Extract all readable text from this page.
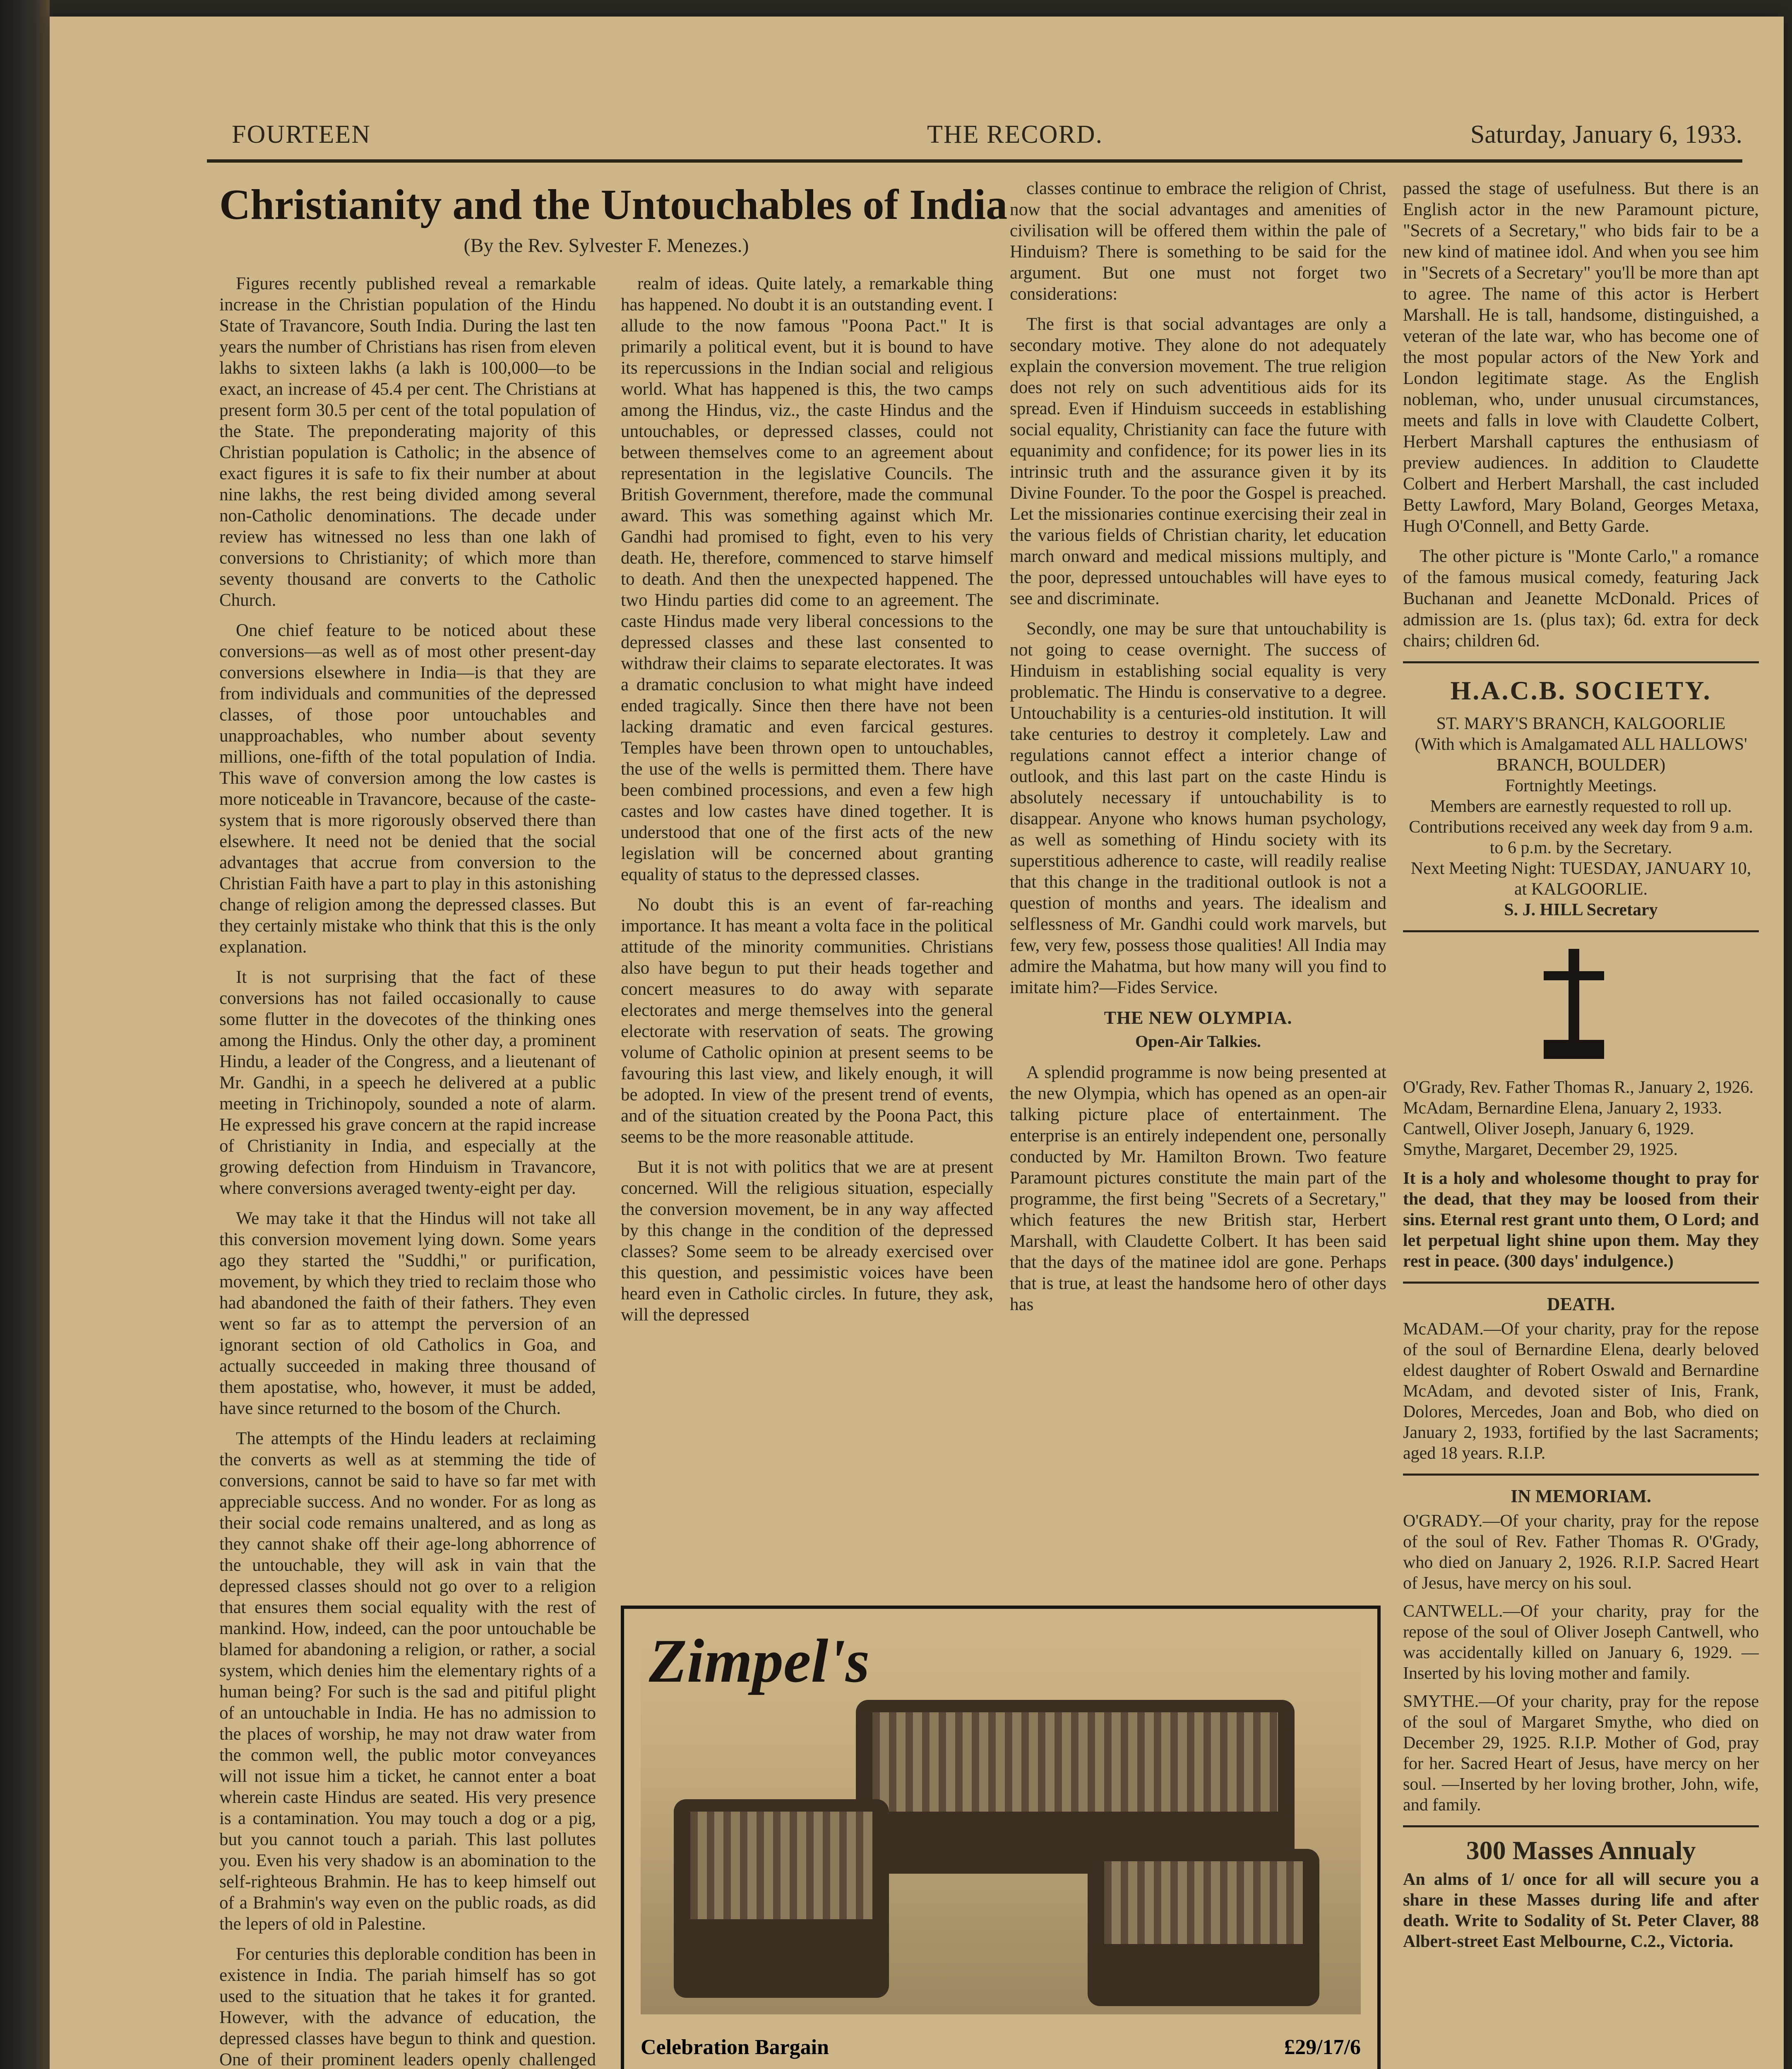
FOURTEEN	THE RECORD.	Saturday, January 6, 1933.
Christianity and the Untouchables of India
(By the Rev. Sylvester F. Menezes.)

Figures recently published reveal a remarkable increase in the Christian population of the Hindu State of Travancore, South India. During the last ten years the number of Christians has risen from eleven lakhs to sixteen lakhs (a lakh is 100,000—to be exact, an increase of 45.4 per cent. The Christians at present form 30.5 per cent of the total population of the State. The preponderating majority of this Christian population is Catholic; in the absence of exact figures it is safe to fix their number at about nine lakhs, the rest being divided among several non-Catholic denominations. The decade under review has witnessed no less than one lakh of conversions to Christianity; of which more than seventy thousand are converts to the Catholic Church.

One chief feature to be noticed about these conversions—as well as of most other present-day conversions elsewhere in India—is that they are from individuals and communities of the depressed classes, of those poor untouchables and unapproachables, who number about seventy millions, one-fifth of the total population of India. This wave of conversion among the low castes is more noticeable in Travancore, because of the caste-system that is more rigorously observed there than elsewhere. It need not be denied that the social advantages that accrue from conversion to the Christian Faith have a part to play in this astonishing change of religion among the depressed classes. But they certainly mistake who think that this is the only explanation.

It is not surprising that the fact of these conversions has not failed occasionally to cause some flutter in the dovecotes of the thinking ones among the Hindus. Only the other day, a prominent Hindu, a leader of the Congress, and a lieutenant of Mr. Gandhi, in a speech he delivered at a public meeting in Trichinopoly, sounded a note of alarm. He expressed his grave concern at the rapid increase of Christianity in India, and especially at the growing defection from Hinduism in Travancore, where conversions averaged twenty-eight per day.

We may take it that the Hindus will not take all this conversion movement lying down. Some years ago they started the "Suddhi," or purification, movement, by which they tried to reclaim those who had abandoned the faith of their fathers. They even went so far as to attempt the perversion of an ignorant section of old Catholics in Goa, and actually succeeded in making three thousand of them apostatise, who, however, it must be added, have since returned to the bosom of the Church.

The attempts of the Hindu leaders at reclaiming the converts as well as at stemming the tide of conversions, cannot be said to have so far met with appreciable success. And no wonder. For as long as their social code remains unaltered, and as long as they cannot shake off their age-long abhorrence of the untouchable, they will ask in vain that the depressed classes should not go over to a religion that ensures them social equality with the rest of mankind. How, indeed, can the poor untouchable be blamed for abandoning a religion, or rather, a social system, which denies him the elementary rights of a human being? For such is the sad and pitiful plight of an untouchable in India. He has no admission to the places of worship, he may not draw water from the common well, the public motor conveyances will not issue him a ticket, he cannot enter a boat wherein caste Hindus are seated. His very presence is a contamination. You may touch a dog or a pig, but you cannot touch a pariah. This last pollutes you. Even his very shadow is an abomination to the self-righteous Brahmin. He has to keep himself out of a Brahmin's way even on the public roads, as did the lepers of old in Palestine.

For centuries this deplorable condition has been in existence in India. The pariah himself has so got used to the situation that he takes it for granted. However, with the advance of education, the depressed classes have begun to think and question. One of their prominent leaders openly challenged

realm of ideas. Quite lately, a remarkable thing has happened. No doubt it is an outstanding event. I allude to the now famous "Poona Pact." It is primarily a political event, but it is bound to have its repercussions in the Indian social and religious world. What has happened is this, the two camps among the Hindus, viz., the caste Hindus and the untouchables, or depressed classes, could not between themselves come to an agreement about representation in the legislative Councils. The British Government, therefore, made the communal award. This was something against which Mr. Gandhi had promised to fight, even to his very death. He, therefore, commenced to starve himself to death. And then the unexpected happened. The two Hindu parties did come to an agreement. The caste Hindus made very liberal concessions to the depressed classes and these last consented to withdraw their claims to separate electorates. It was a dramatic conclusion to what might have indeed ended tragically. Since then there have not been lacking dramatic and even farcical gestures. Temples have been thrown open to untouchables, the use of the wells is permitted them. There have been combined processions, and even a few high castes and low castes have dined together. It is understood that one of the first acts of the new legislation will be concerned about granting equality of status to the depressed classes.

No doubt this is an event of far-reaching importance. It has meant a volta face in the political attitude of the minority communities. Christians also have begun to put their heads together and concert measures to do away with separate electorates and merge themselves into the general electorate with reservation of seats. The growing volume of Catholic opinion at present seems to be favouring this last view, and likely enough, it will be adopted. In view of the present trend of events, and of the situation created by the Poona Pact, this seems to be the more reasonable attitude.

But it is not with politics that we are at present concerned. Will the religious situation, especially the conversion movement, be in any way affected by this change in the condition of the depressed classes? Some seem to be already exercised over this question, and pessimistic voices have been heard even in Catholic circles. In future, they ask, will the depressed

classes continue to embrace the religion of Christ, now that the social advantages and amenities of civilisation will be offered them within the pale of Hinduism? There is something to be said for the argument. But one must not forget two considerations:

The first is that social advantages are only a secondary motive. They alone do not adequately explain the conversion movement. The true religion does not rely on such adventitious aids for its spread. Even if Hinduism succeeds in establishing social equality, Christianity can face the future with equanimity and confidence; for its power lies in its intrinsic truth and the assurance given it by its Divine Founder. To the poor the Gospel is preached. Let the missionaries continue exercising their zeal in the various fields of Christian charity, let education march onward and medical missions multiply, and the poor, depressed untouchables will have eyes to see and discriminate.

Secondly, one may be sure that untouchability is not going to cease overnight. The success of Hinduism in establishing social equality is very problematic. The Hindu is conservative to a degree. Untouchability is a centuries-old institution. It will take centuries to destroy it completely. Law and regulations cannot effect a interior change of outlook, and this last part on the caste Hindu is absolutely necessary if untouchability is to disappear. Anyone who knows human psychology, as well as something of Hindu society with its superstitious adherence to caste, will readily realise that this change in the traditional outlook is not a question of months and years. The idealism and selflessness of Mr. Gandhi could work marvels, but few, very few, possess those qualities! All India may admire the Mahatma, but how many will you find to imitate him?—Fides Service.

THE NEW OLYMPIA.
Open-Air Talkies.

A splendid programme is now being presented at the new Olympia, which has opened as an open-air talking picture place of entertainment. The enterprise is an entirely independent one, personally conducted by Mr. Hamilton Brown. Two feature Paramount pictures constitute the main part of the programme, the first being "Secrets of a Secretary," which features the new British star, Herbert Marshall, with Claudette Colbert. It has been said that the days of the matinee idol are gone. Perhaps that is true, at least the handsome hero of other days has

passed the stage of usefulness. But there is an English actor in the new Paramount picture, "Secrets of a Secretary," who bids fair to be a new kind of matinee idol. And when you see him in "Secrets of a Secretary" you'll be more than apt to agree. The name of this actor is Herbert Marshall. He is tall, handsome, distinguished, a veteran of the late war, who has become one of the most popular actors of the New York and London legitimate stage. As the English nobleman, who, under unusual circumstances, meets and falls in love with Claudette Colbert, Herbert Marshall captures the enthusiasm of preview audiences. In addition to Claudette Colbert and Herbert Marshall, the cast included Betty Lawford, Mary Boland, Georges Metaxa, Hugh O'Connell, and Betty Garde.

The other picture is "Monte Carlo," a romance of the famous musical comedy, featuring Jack Buchanan and Jeanette McDonald. Prices of admission are 1s. (plus tax); 6d. extra for deck chairs; children 6d.

H.A.C.B. SOCIETY.
ST. MARY'S BRANCH, KALGOORLIE
(With which is Amalgamated ALL HALLOWS' BRANCH, BOULDER)
Fortnightly Meetings.
Members are earnestly requested to roll up.
Contributions received any week day from 9 a.m. to 6 p.m. by the Secretary.
Next Meeting Night: TUESDAY, JANUARY 10, at KALGOORLIE.
S. J. HILL Secretary
O'Grady, Rev. Father Thomas R., January 2, 1926.
McAdam, Bernardine Elena, January 2, 1933.
Cantwell, Oliver Joseph, January 6, 1929.
Smythe, Margaret, December 29, 1925.
It is a holy and wholesome thought to pray for the dead, that they may be loosed from their sins. Eternal rest grant unto them, O Lord; and let perpetual light shine upon them. May they rest in peace. (300 days' indulgence.)
DEATH.
McADAM.—Of your charity, pray for the repose of the soul of Bernardine Elena, dearly beloved eldest daughter of Robert Oswald and Bernardine McAdam, and devoted sister of Inis, Frank, Dolores, Mercedes, Joan and Bob, who died on January 2, 1933, fortified by the last Sacraments; aged 18 years. R.I.P.
IN MEMORIAM.
O'GRADY.—Of your charity, pray for the repose of the soul of Rev. Father Thomas R. O'Grady, who died on January 2, 1926. R.I.P. Sacred Heart of Jesus, have mercy on his soul.
CANTWELL.—Of your charity, pray for the repose of the soul of Oliver Joseph Cantwell, who was accidentally killed on January 6, 1929. —Inserted by his loving mother and family.
SMYTHE.—Of your charity, pray for the repose of the soul of Margaret Smythe, who died on December 29, 1925. R.I.P. Mother of God, pray for her. Sacred Heart of Jesus, have mercy on her soul. —Inserted by her loving brother, John, wife, and family.
300 Masses Annualy
An alms of 1/ once for all will secure you a share in these Masses during life and after death. Write to Sodality of St. Peter Claver, 88 Albert-street East Melbourne, C.2., Victoria.
Zimpel's
Celebration Bargain	£29/17/6
